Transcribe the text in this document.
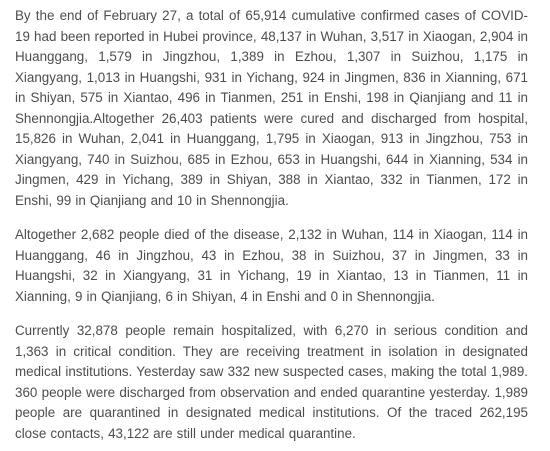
By the end of February 27, a total of 65,914 cumulative confirmed cases of COVID-19 had been reported in Hubei province, 48,137 in Wuhan, 3,517 in Xiaogan, 2,904 in Huanggang, 1,579 in Jingzhou, 1,389 in Ezhou, 1,307 in Suizhou, 1,175 in Xiangyang, 1,013 in Huangshi, 931 in Yichang, 924 in Jingmen, 836 in Xianning, 671 in Shiyan, 575 in Xiantao, 496 in Tianmen, 251 in Enshi, 198 in Qianjiang and 11 in Shennongjia.Altogether 26,403 patients were cured and discharged from hospital, 15,826 in Wuhan, 2,041 in Huanggang, 1,795 in Xiaogan, 913 in Jingzhou, 753 in Xiangyang, 740 in Suizhou, 685 in Ezhou, 653 in Huangshi, 644 in Xianning, 534 in Jingmen, 429 in Yichang, 389 in Shiyan, 388 in Xiantao, 332 in Tianmen, 172 in Enshi, 99 in Qianjiang and 10 in Shennongjia.

Altogether 2,682 people died of the disease, 2,132 in Wuhan, 114 in Xiaogan, 114 in Huanggang, 46 in Jingzhou, 43 in Ezhou, 38 in Suizhou, 37 in Jingmen, 33 in Huangshi, 32 in Xiangyang, 31 in Yichang, 19 in Xiantao, 13 in Tianmen, 11 in Xianning, 9 in Qianjiang, 6 in Shiyan, 4 in Enshi and 0 in Shennongjia.

Currently 32,878 people remain hospitalized, with 6,270 in serious condition and 1,363 in critical condition. They are receiving treatment in isolation in designated medical institutions. Yesterday saw 332 new suspected cases, making the total 1,989. 360 people were discharged from observation and ended quarantine yesterday. 1,989 people are quarantined in designated medical institutions. Of the traced 262,195 close contacts, 43,122 are still under medical quarantine.
